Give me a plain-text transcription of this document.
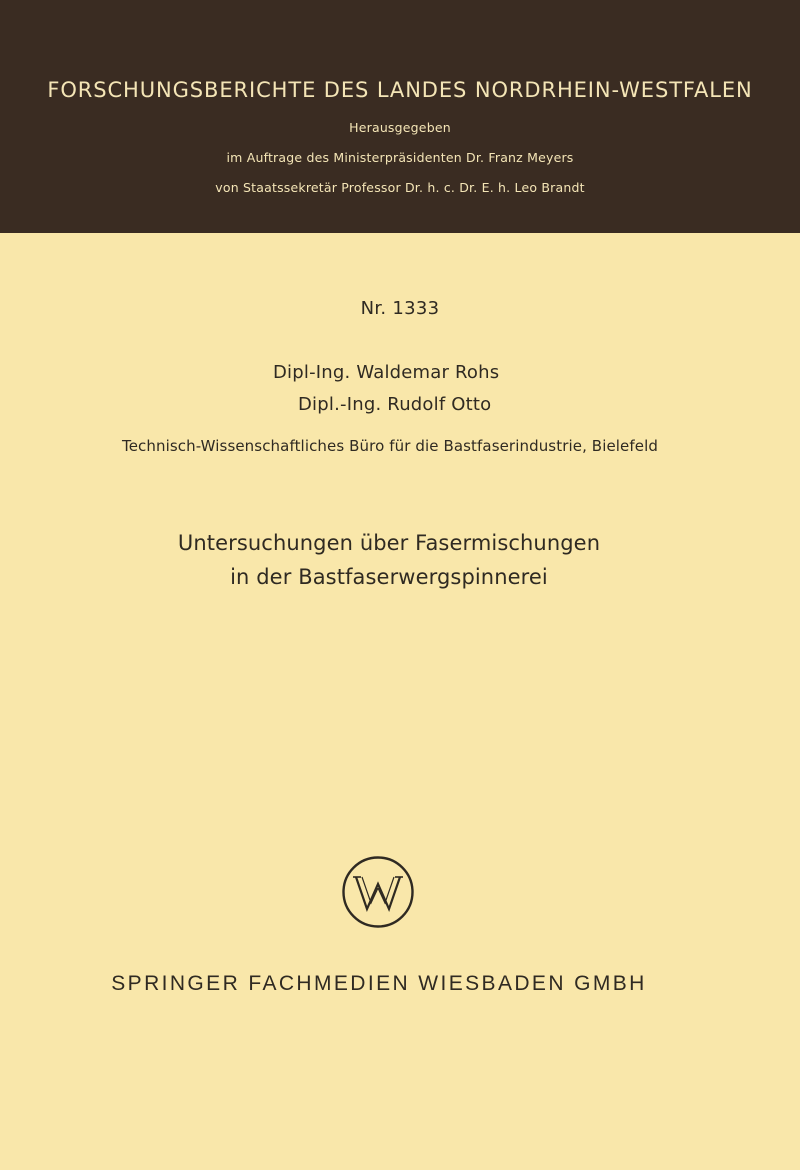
FORSCHUNGSBERICHTE DES LANDES NORDRHEIN-WESTFALEN
Herausgegeben
im Auftrage des Ministerpräsidenten Dr. Franz Meyers
von Staatssekretär Professor Dr. h. c. Dr. E. h. Leo Brandt
Nr. 1333
Dipl-Ing. Waldemar Rohs
Dipl.-Ing. Rudolf Otto
Technisch-Wissenschaftliches Büro für die Bastfaserindustrie, Bielefeld
Untersuchungen über Fasermischungen
in der Bastfaserwergspinnerei
SPRINGER FACHMEDIEN WIESBADEN GMBH
